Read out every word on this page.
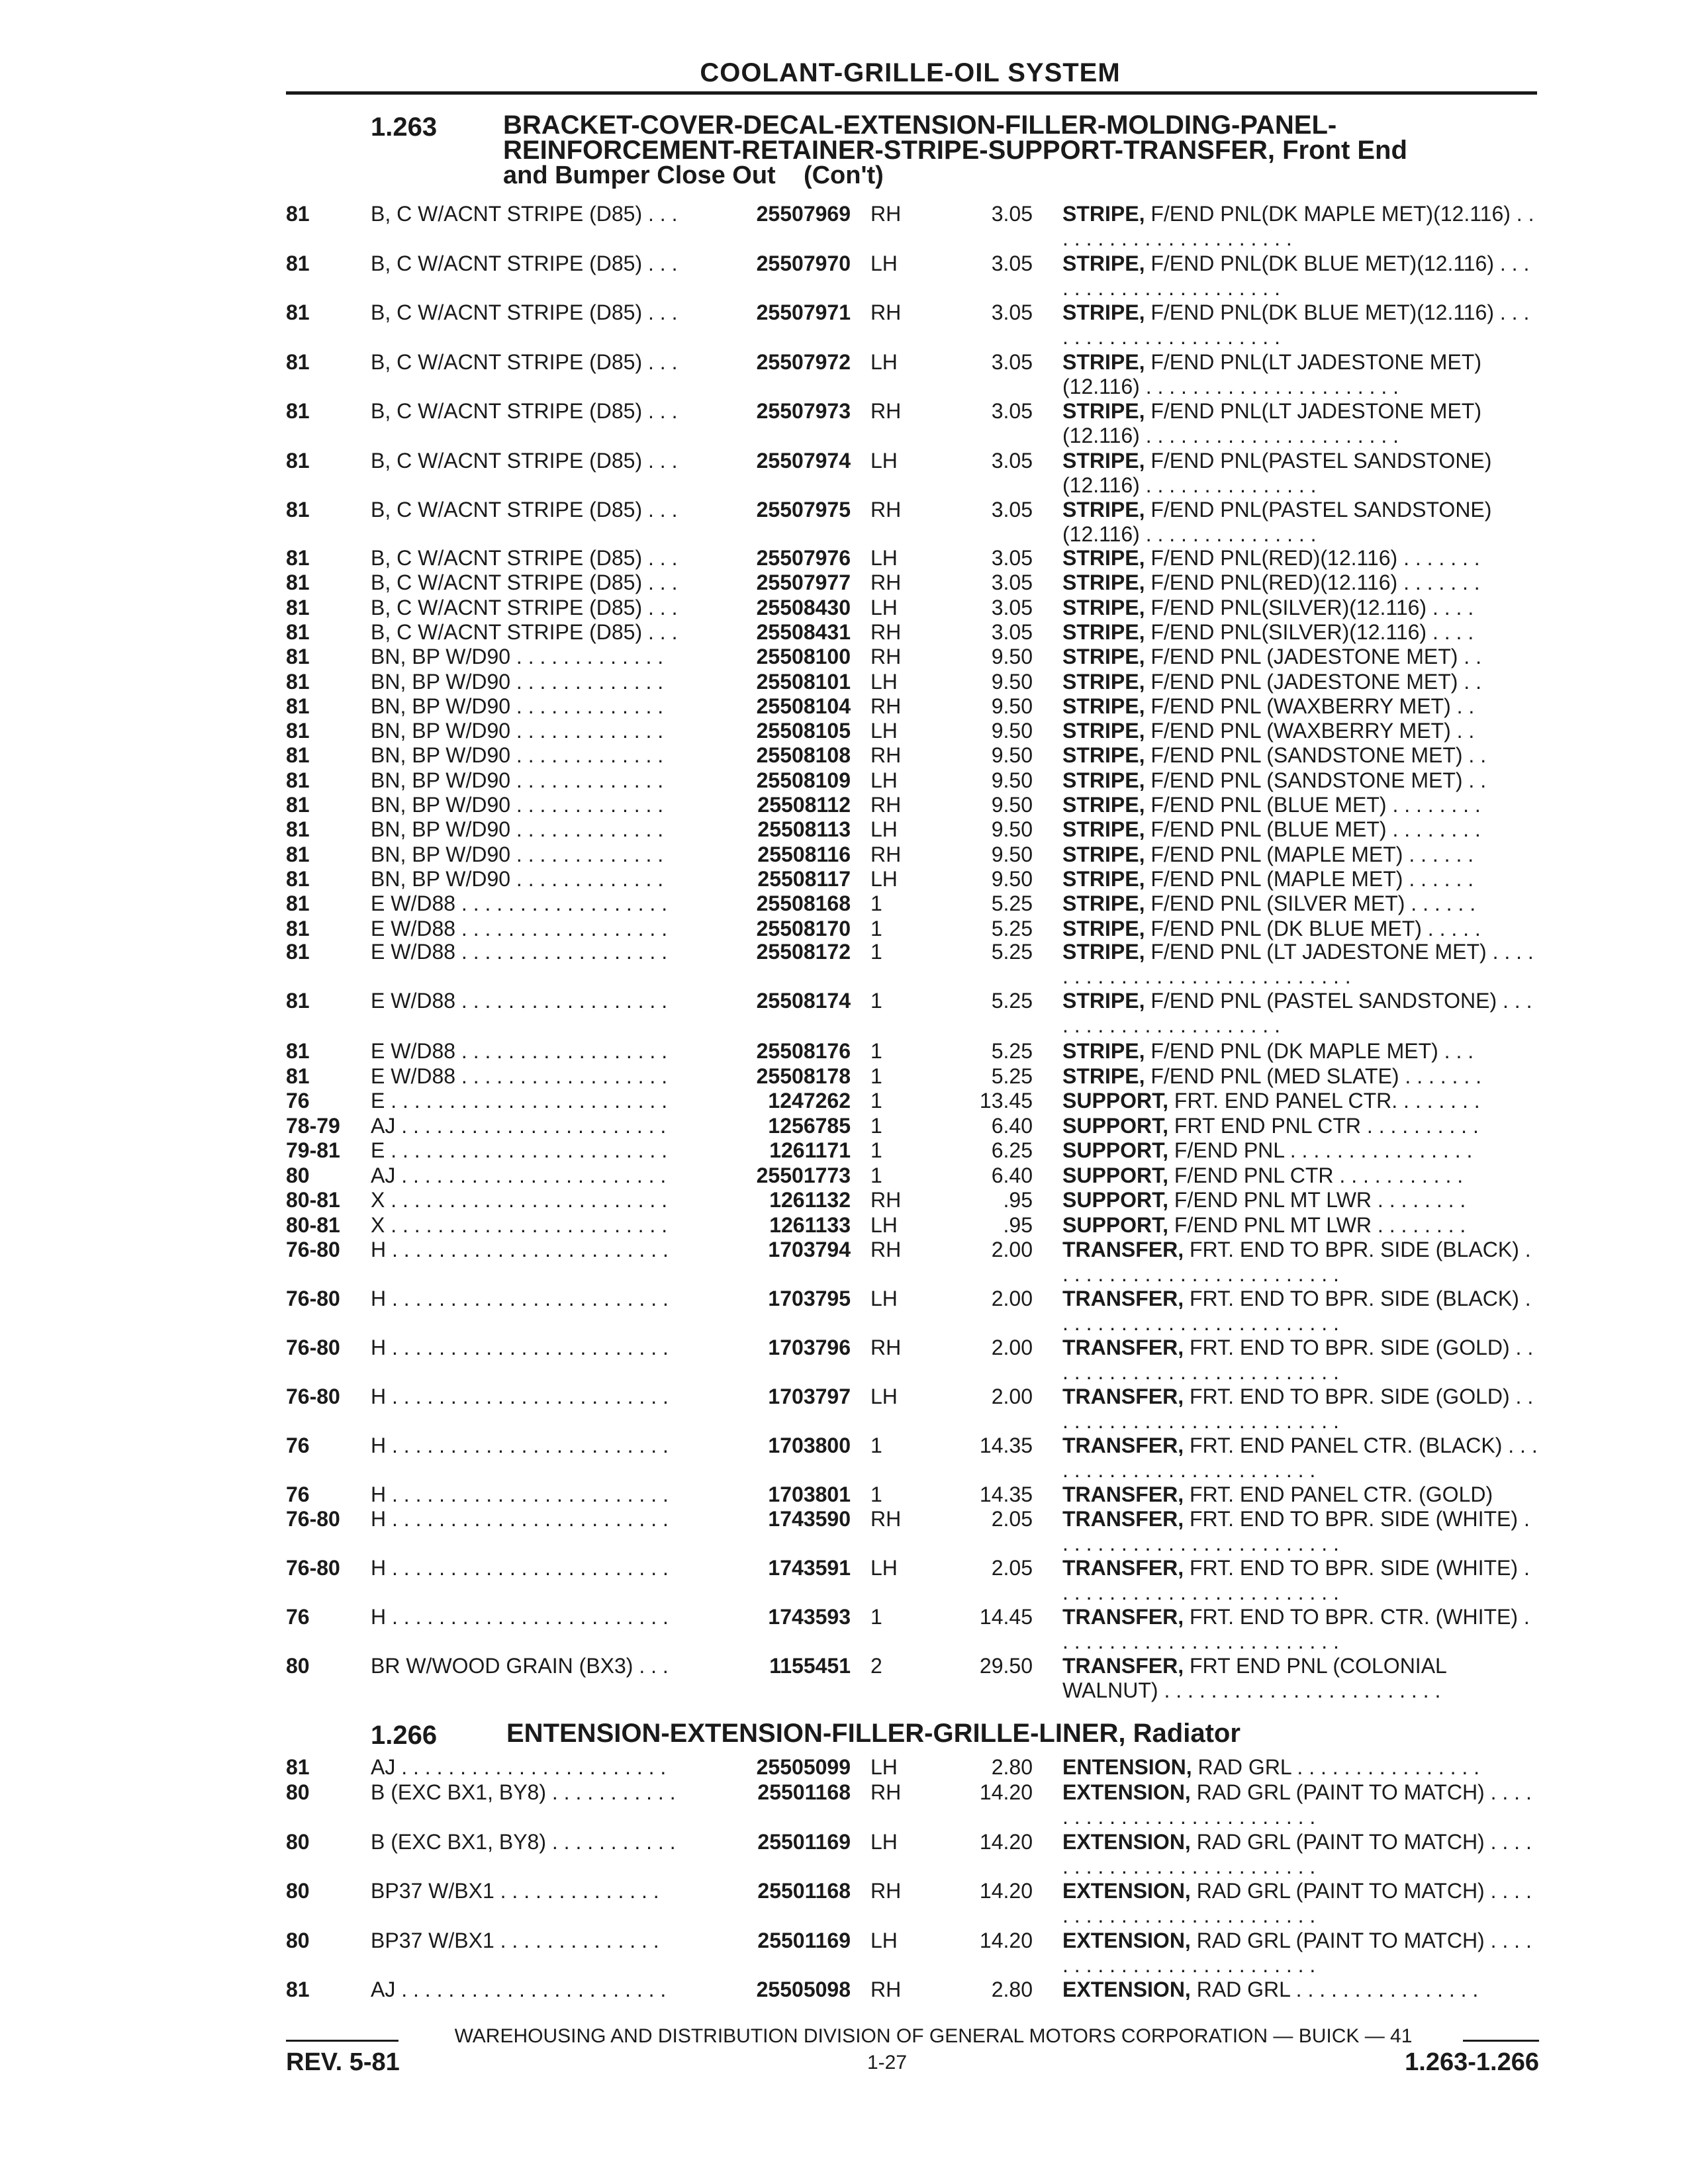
COOLANT-GRILLE-OIL SYSTEM
1.263 BRACKET-COVER-DECAL-EXTENSION-FILLER-MOLDING-PANEL-
REINFORCEMENT-RETAINER-STRIPE-SUPPORT-TRANSFER, Front End
and Bumper Close Out (Con't)
1.266	ENTENSION-EXTENSION-FILLER-GRILLE-LINER, Radiator
81	B, C W/ACNT STRIPE (D85) . . .	25507969 RH	3.05 STRIPE, F/END PNL(DK MAPLE MET)(12.116) . . . . . . . . . . . . . . . . . . . . . .
81	B, C W/ACNT STRIPE (D85) . . .	25507970 LH	3.05 STRIPE, F/END PNL(DK BLUE MET)(12.116) . . . . . . . . . . . . . . . . . . . . . .
81	B, C W/ACNT STRIPE (D85) . . .	25507971 RH	3.05 STRIPE, F/END PNL(DK BLUE MET)(12.116) . . . . . . . . . . . . . . . . . . . . . .
81	B, C W/ACNT STRIPE (D85) . . .	25507972 LH	3.05 STRIPE, F/END PNL(LT JADESTONE MET)(12.116) . . . . . . . . . . . . . . . . . . . . . .
81	B, C W/ACNT STRIPE (D85) . . .	25507973 RH	3.05 STRIPE, F/END PNL(LT JADESTONE MET)(12.116) . . . . . . . . . . . . . . . . . . . . . .
81	B, C W/ACNT STRIPE (D85) . . .	25507974 LH	3.05 STRIPE, F/END PNL(PASTEL SANDSTONE)(12.116) . . . . . . . . . . . . . . .
81	B, C W/ACNT STRIPE (D85) . . .	25507975 RH	3.05 STRIPE, F/END PNL(PASTEL SANDSTONE)(12.116) . . . . . . . . . . . . . . .
81	B, C W/ACNT STRIPE (D85) . . .	25507976 LH	3.05 STRIPE, F/END PNL(RED)(12.116) . . . . . . .
81	B, C W/ACNT STRIPE (D85) . . .	25507977 RH	3.05 STRIPE, F/END PNL(RED)(12.116) . . . . . . .
81	B, C W/ACNT STRIPE (D85) . . .	25508430 LH	3.05 STRIPE, F/END PNL(SILVER)(12.116) . . . .
81	B, C W/ACNT STRIPE (D85) . . .	25508431 RH	3.05 STRIPE, F/END PNL(SILVER)(12.116) . . . .
81	BN, BP W/D90 . . . . . . . . . . . . .	25508100 RH	9.50 STRIPE, F/END PNL (JADESTONE MET) . .
81	BN, BP W/D90 . . . . . . . . . . . . .	25508101 LH	9.50 STRIPE, F/END PNL (JADESTONE MET) . .
81	BN, BP W/D90 . . . . . . . . . . . . .	25508104 RH	9.50 STRIPE, F/END PNL (WAXBERRY MET) . .
81	BN, BP W/D90 . . . . . . . . . . . . .	25508105 LH	9.50 STRIPE, F/END PNL (WAXBERRY MET) . .
81	BN, BP W/D90 . . . . . . . . . . . . .	25508108 RH	9.50 STRIPE, F/END PNL (SANDSTONE MET) . .
81	BN, BP W/D90 . . . . . . . . . . . . .	25508109 LH	9.50 STRIPE, F/END PNL (SANDSTONE MET) . .
81	BN, BP W/D90 . . . . . . . . . . . . .	25508112 RH	9.50 STRIPE, F/END PNL (BLUE MET) . . . . . . . .
81	BN, BP W/D90 . . . . . . . . . . . . .	25508113 LH	9.50 STRIPE, F/END PNL (BLUE MET) . . . . . . . .
81	BN, BP W/D90 . . . . . . . . . . . . .	25508116 RH	9.50 STRIPE, F/END PNL (MAPLE MET) . . . . . .
81	BN, BP W/D90 . . . . . . . . . . . . .	25508117 LH	9.50 STRIPE, F/END PNL (MAPLE MET) . . . . . .
81	E W/D88 . . . . . . . . . . . . . . . . . .	25508168 1	5.25 STRIPE, F/END PNL (SILVER MET) . . . . . .
81	E W/D88 . . . . . . . . . . . . . . . . . .	25508170 1	5.25 STRIPE, F/END PNL (DK BLUE MET) . . . . .
81	E W/D88 . . . . . . . . . . . . . . . . . .	25508172 1	5.25 STRIPE, F/END PNL (LT JADESTONE MET) . . . . . . . . . . . . . . . . . . . . . . . . . . . . .
81	E W/D88 . . . . . . . . . . . . . . . . . .	25508174 1	5.25 STRIPE, F/END PNL (PASTEL SANDSTONE) . . . . . . . . . . . . . . . . . . . . . .
81	E W/D88 . . . . . . . . . . . . . . . . . .	25508176 1	5.25 STRIPE, F/END PNL (DK MAPLE MET) . . .
81	E W/D88 . . . . . . . . . . . . . . . . . .	25508178 1	5.25 STRIPE, F/END PNL (MED SLATE) . . . . . . .
76	E . . . . . . . . . . . . . . . . . . . . . . . .	1247262 1	13.45 SUPPORT, FRT. END PANEL CTR. . . . . . . .
78-79 AJ . . . . . . . . . . . . . . . . . . . . . . .	1256785 1	6.40 SUPPORT, FRT END PNL CTR . . . . . . . . . .
79-81 E . . . . . . . . . . . . . . . . . . . . . . . .	1261171 1	6.25 SUPPORT, F/END PNL . . . . . . . . . . . . . . . .
80	AJ . . . . . . . . . . . . . . . . . . . . . . .	25501773 1	6.40 SUPPORT, F/END PNL CTR . . . . . . . . . . .
80-81 X . . . . . . . . . . . . . . . . . . . . . . . .	1261132 RH	.95 SUPPORT, F/END PNL MT LWR . . . . . . . .
80-81 X . . . . . . . . . . . . . . . . . . . . . . . .	1261133 LH	.95 SUPPORT, F/END PNL MT LWR . . . . . . . .
76-80 H . . . . . . . . . . . . . . . . . . . . . . . .	1703794 RH	2.00 TRANSFER, FRT. END TO BPR. SIDE (BLACK) . . . . . . . . . . . . . . . . . . . . . . . . .
76-80 H . . . . . . . . . . . . . . . . . . . . . . . .	1703795 LH	2.00 TRANSFER, FRT. END TO BPR. SIDE (BLACK) . . . . . . . . . . . . . . . . . . . . . . . . .
76-80 H . . . . . . . . . . . . . . . . . . . . . . . .	1703796 RH	2.00 TRANSFER, FRT. END TO BPR. SIDE (GOLD) . . . . . . . . . . . . . . . . . . . . . . . . . .
76-80 H . . . . . . . . . . . . . . . . . . . . . . . .	1703797 LH	2.00 TRANSFER, FRT. END TO BPR. SIDE (GOLD) . . . . . . . . . . . . . . . . . . . . . . . . . .
76	H . . . . . . . . . . . . . . . . . . . . . . . .	1703800 1	14.35 TRANSFER, FRT. END PANEL CTR. (BLACK) . . . . . . . . . . . . . . . . . . . . . . . . .
76	H . . . . . . . . . . . . . . . . . . . . . . . .	1703801 1	14.35 TRANSFER, FRT. END PANEL CTR. (GOLD)
76-80 H . . . . . . . . . . . . . . . . . . . . . . . .	1743590 RH	2.05 TRANSFER, FRT. END TO BPR. SIDE (WHITE) . . . . . . . . . . . . . . . . . . . . . . . . .
76-80 H . . . . . . . . . . . . . . . . . . . . . . . .	1743591 LH	2.05 TRANSFER, FRT. END TO BPR. SIDE (WHITE) . . . . . . . . . . . . . . . . . . . . . . . . .
76	H . . . . . . . . . . . . . . . . . . . . . . . .	1743593 1	14.45 TRANSFER, FRT. END TO BPR. CTR. (WHITE) . . . . . . . . . . . . . . . . . . . . . . . . .
80	BR W/WOOD GRAIN (BX3) . . .	1155451 2	29.50 TRANSFER, FRT END PNL (COLONIAL WALNUT) . . . . . . . . . . . . . . . . . . . . . . . .
81	AJ . . . . . . . . . . . . . . . . . . . . . . .	25505099 LH	2.80 ENTENSION, RAD GRL . . . . . . . . . . . . . . . .
80	B (EXC BX1, BY8) . . . . . . . . . . .	25501168 RH	14.20 EXTENSION, RAD GRL (PAINT TO MATCH) . . . . . . . . . . . . . . . . . . . . . . . . . .
80	B (EXC BX1, BY8) . . . . . . . . . . .	25501169 LH	14.20 EXTENSION, RAD GRL (PAINT TO MATCH) . . . . . . . . . . . . . . . . . . . . . . . . . .
80	BP37 W/BX1 . . . . . . . . . . . . . .	25501168 RH	14.20 EXTENSION, RAD GRL (PAINT TO MATCH) . . . . . . . . . . . . . . . . . . . . . . . . . .
80	BP37 W/BX1 . . . . . . . . . . . . . .	25501169 LH	14.20 EXTENSION, RAD GRL (PAINT TO MATCH) . . . . . . . . . . . . . . . . . . . . . . . . . .
81	AJ . . . . . . . . . . . . . . . . . . . . . . .	25505098 RH	2.80 EXTENSION, RAD GRL . . . . . . . . . . . . . . . .
WAREHOUSING AND DISTRIBUTION DIVISION OF GENERAL MOTORS CORPORATION — BUICK — 41
REV. 5-81	1-27	1.263-1.266
